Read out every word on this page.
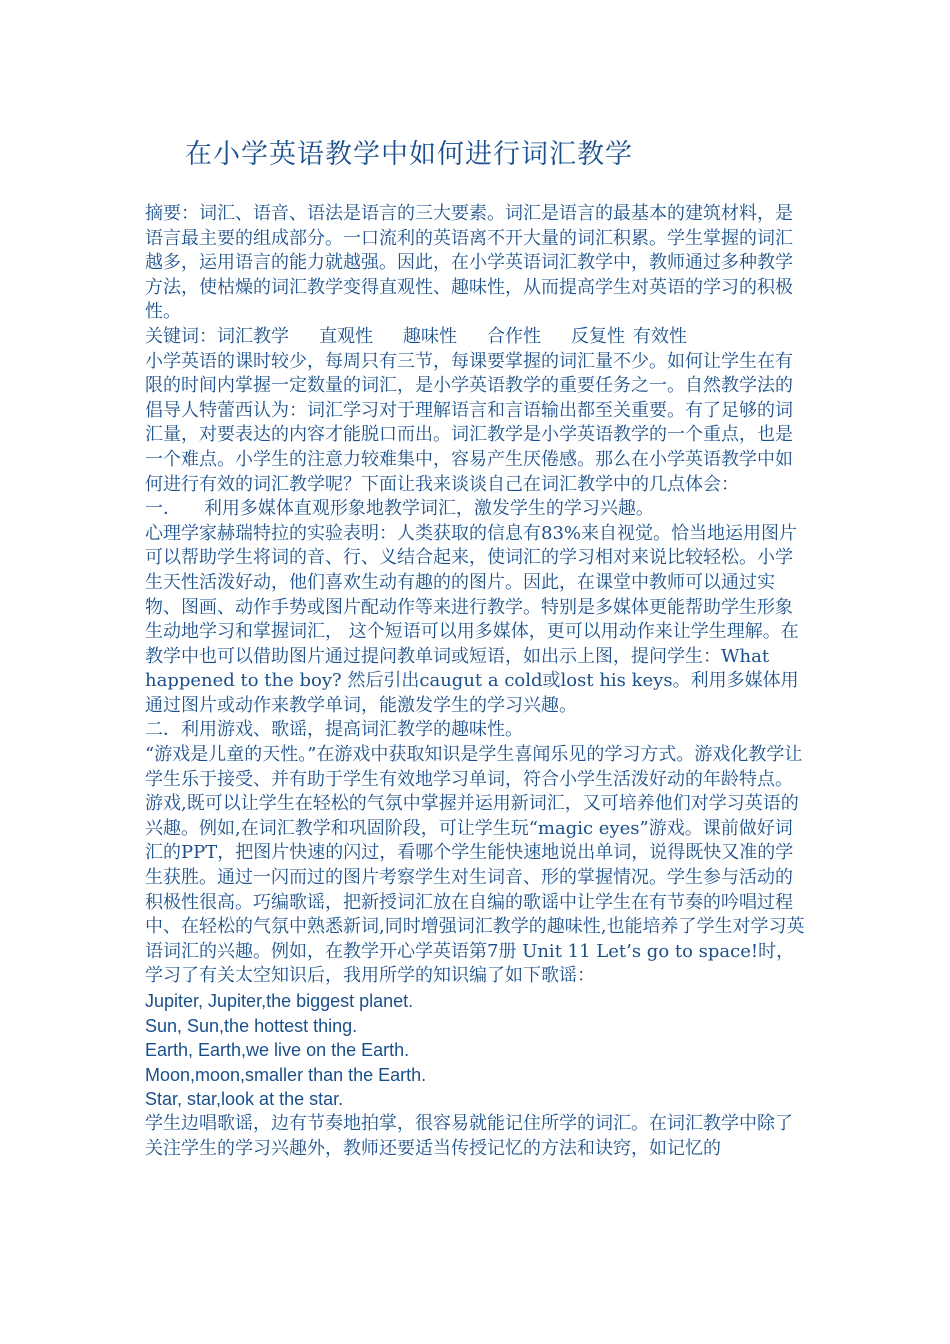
在小学英语教学中如何进行词汇教学

摘要：词汇、语音、语法是语言的三大要素。词汇是语言的最基本的建筑材料，是语言最主要的组成部分。一口流利的英语离不开大量的词汇积累。学生掌握的词汇越多，运用语言的能力就越强。因此，在小学英语词汇教学中，教师通过多种教学方法，使枯燥的词汇教学变得直观性、趣味性，从而提高学生对英语的学习的积极性。

关键词：词汇教学 直观性 趣味性 合作性 反复性 有效性

小学英语的课时较少，每周只有三节，每课要掌握的词汇量不少。如何让学生在有限的时间内掌握一定数量的词汇，是小学英语教学的重要任务之一。自然教学法的倡导人特蕾西认为：词汇学习对于理解语言和言语输出都至关重要。有了足够的词汇量，对要表达的内容才能脱口而出。词汇教学是小学英语教学的一个重点，也是一个难点。小学生的注意力较难集中，容易产生厌倦感。那么在小学英语教学中如何进行有效的词汇教学呢？下面让我来谈谈自己在词汇教学中的几点体会：

一．    利用多媒体直观形象地教学词汇，激发学生的学习兴趣。

心理学家赫瑞特拉的实验表明：人类获取的信息有83%来自视觉。恰当地运用图片可以帮助学生将词的音、行、义结合起来，使词汇的学习相对来说比较轻松。小学生天性活泼好动，他们喜欢生动有趣的的图片。因此，在课堂中教师可以通过实物、图画、动作手势或图片配动作等来进行教学。特别是多媒体更能帮助学生形象生动地学习和掌握词汇， 这个短语可以用多媒体，更可以用动作来让学生理解。在教学中也可以借助图片通过提问教单词或短语，如出示上图，提问学生：What happened to the boy? 然后引出caugut a cold或lost his keys。利用多媒体用通过图片或动作来教学单词，能激发学生的学习兴趣。

二．利用游戏、歌谣，提高词汇教学的趣味性。

“游戏是儿童的天性。”在游戏中获取知识是学生喜闻乐见的学习方式。游戏化教学让学生乐于接受、并有助于学生有效地学习单词，符合小学生活泼好动的年龄特点。游戏,既可以让学生在轻松的气氛中掌握并运用新词汇，又可培养他们对学习英语的兴趣。例如,在词汇教学和巩固阶段，可让学生玩“magic eyes”游戏。课前做好词汇的PPT，把图片快速的闪过，看哪个学生能快速地说出单词，说得既快又准的学生获胜。通过一闪而过的图片考察学生对生词音、形的掌握情况。学生参与活动的积极性很高。巧编歌谣，把新授词汇放在自编的歌谣中让学生在有节奏的吟唱过程中、在轻松的气氛中熟悉新词,同时增强词汇教学的趣味性,也能培养了学生对学习英语词汇的兴趣。例如，在教学开心学英语第7册 Unit 11 Let’s go to space!时，学习了有关太空知识后，我用所学的知识编了如下歌谣：

Jupiter, Jupiter,the biggest planet.

Sun, Sun,the hottest thing.

Earth, Earth,we live on the Earth.

Moon,moon,smaller than the Earth.

Star, star,look at the star.

学生边唱歌谣，边有节奏地拍掌，很容易就能记住所学的词汇。在词汇教学中除了关注学生的学习兴趣外，教师还要适当传授记忆的方法和诀窍，如记忆的
